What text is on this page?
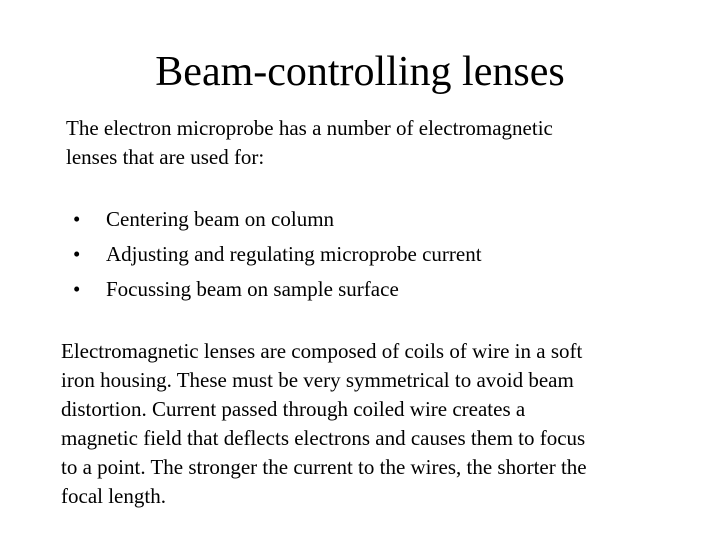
Beam-controlling lenses
The electron microprobe has a number of electromagnetic
lenses that are used for:
• Centering beam on column
• Adjusting and regulating microprobe current
• Focussing beam on sample surface
Electromagnetic lenses are composed of coils of wire in a soft
iron housing. These must be very symmetrical to avoid beam
distortion. Current passed through coiled wire creates a
magnetic field that deflects electrons and causes them to focus
to a point. The stronger the current to the wires, the shorter the
focal length.
